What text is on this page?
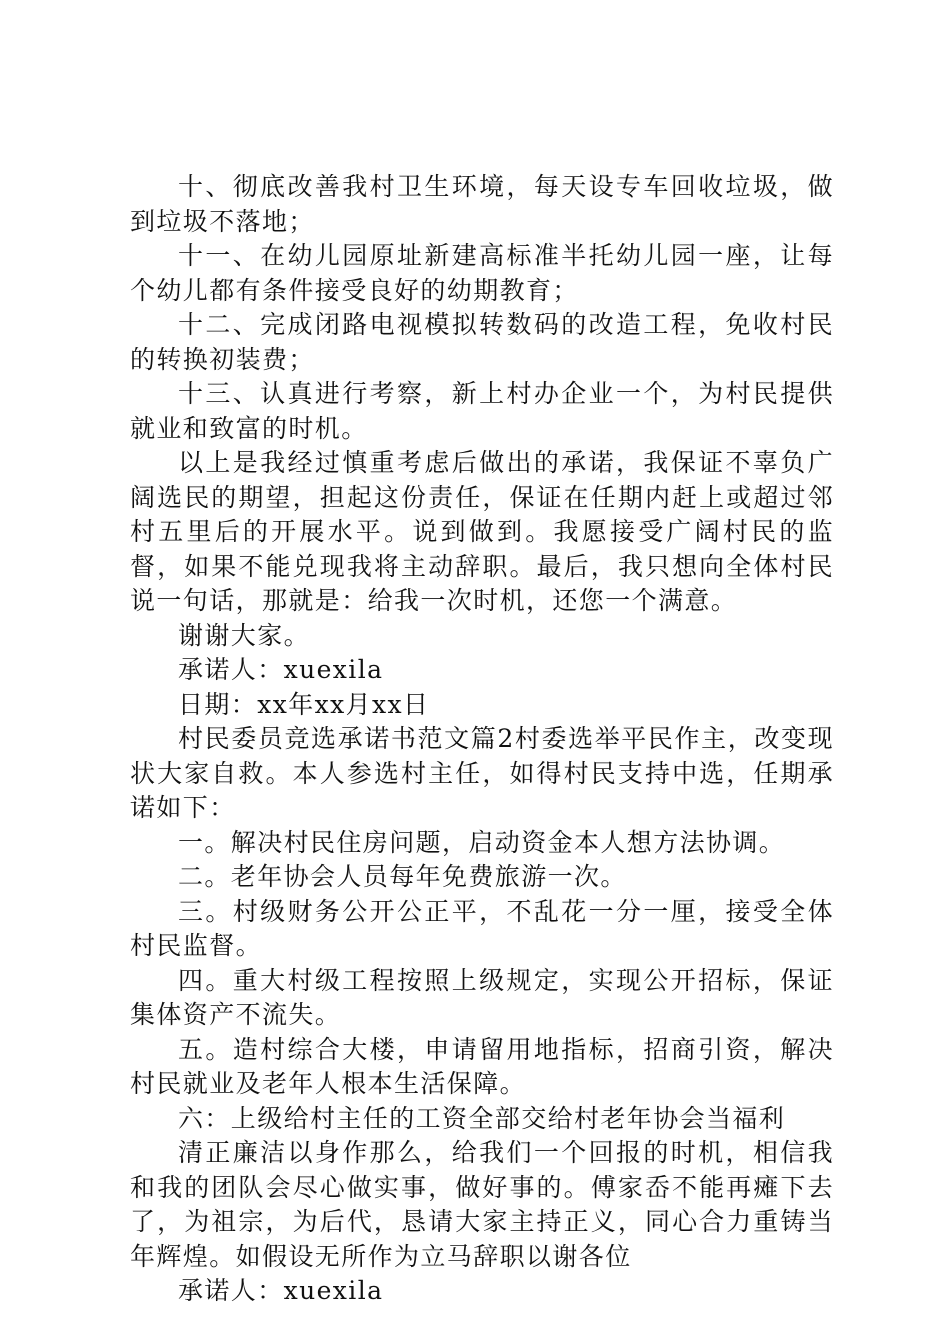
十、彻底改善我村卫生环境，每天设专车回收垃圾，做到垃圾不落地；

十一、在幼儿园原址新建高标准半托幼儿园一座，让每个幼儿都有条件接受良好的幼期教育；

十二、完成闭路电视模拟转数码的改造工程，免收村民的转换初装费；

十三、认真进行考察，新上村办企业一个，为村民提供就业和致富的时机。

以上是我经过慎重考虑后做出的承诺，我保证不辜负广阔选民的期望，担起这份责任，保证在任期内赶上或超过邻村五里后的开展水平。说到做到。我愿接受广阔村民的监督，如果不能兑现我将主动辞职。最后，我只想向全体村民说一句话，那就是：给我一次时机，还您一个满意。

谢谢大家。

承诺人：xuexila

日期：xx年xx月xx日

村民委员竞选承诺书范文篇2村委选举平民作主，改变现状大家自救。本人参选村主任，如得村民支持中选，任期承诺如下：

一。解决村民住房问题，启动资金本人想方法协调。

二。老年协会人员每年免费旅游一次。

三。村级财务公开公正平，不乱花一分一厘，接受全体村民监督。

四。重大村级工程按照上级规定，实现公开招标，保证集体资产不流失。

五。造村综合大楼，申请留用地指标，招商引资，解决村民就业及老年人根本生活保障。

六：上级给村主任的工资全部交给村老年协会当福利

清正廉洁以身作那么，给我们一个回报的时机，相信我和我的团队会尽心做实事，做好事的。傅家岙不能再瘫下去了，为祖宗，为后代，恳请大家主持正义，同心合力重铸当年辉煌。如假设无所作为立马辞职以谢各位

承诺人：xuexila
